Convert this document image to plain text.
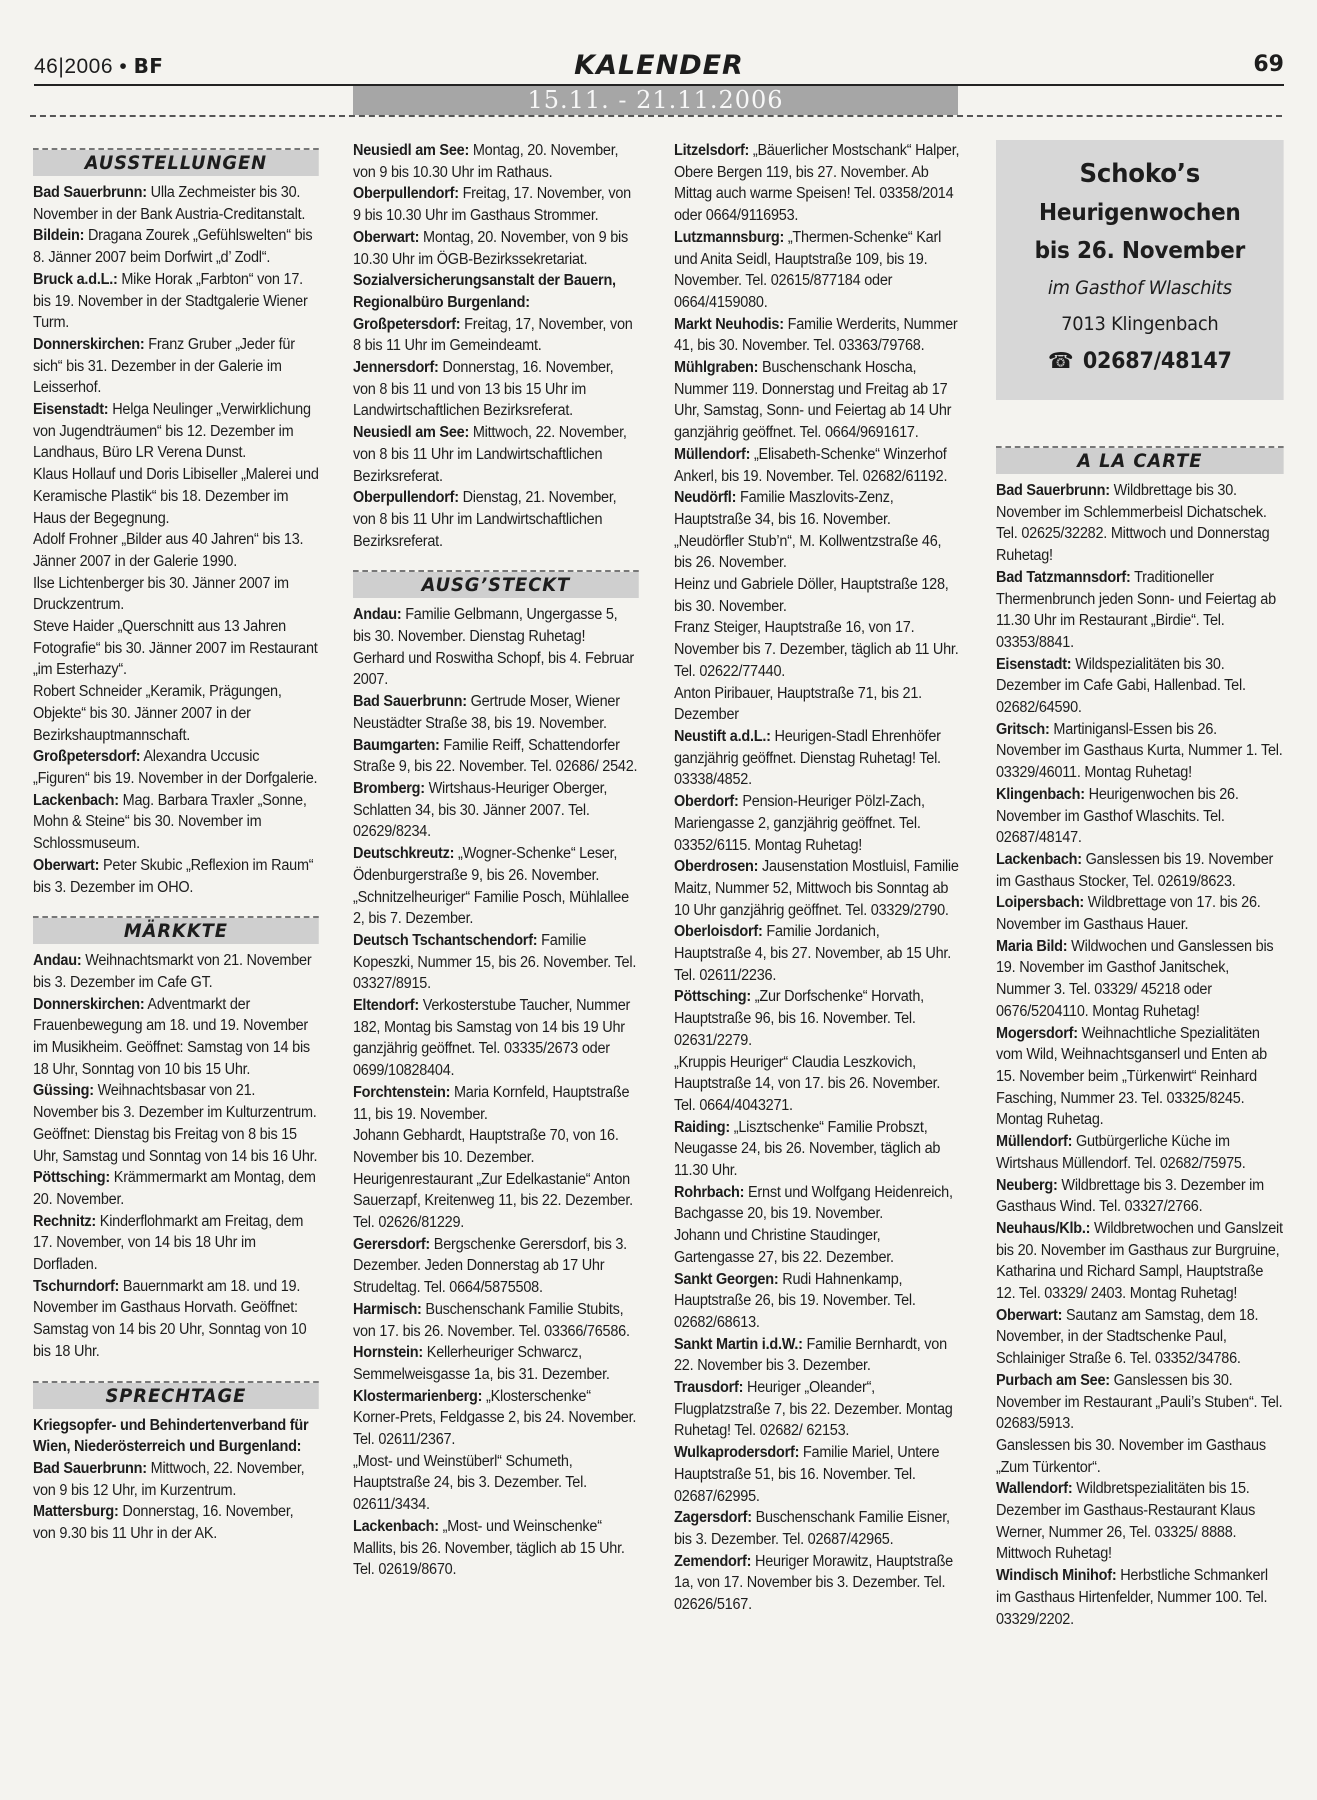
46|2006 • BF	KALENDER	69
15.11. - 21.11.2006
AUSSTELLUNGEN

Bad Sauerbrunn: Ulla Zechmeister bis 30. November in der Bank Austria-Creditanstalt.

Bildein: Dragana Zourek „Gefühlswelten“ bis 8. Jänner 2007 beim Dorfwirt „d’ Zodl“.

Bruck a.d.L.: Mike Horak „Farbton“ von 17. bis 19. November in der Stadtgalerie Wiener Turm.

Donnerskirchen: Franz Gruber „Jeder für sich“ bis 31. Dezember in der Galerie im Leisserhof.

Eisenstadt: Helga Neulinger „Verwirklichung von Jugendträumen“ bis 12. Dezember im Landhaus, Büro LR Verena Dunst.

Klaus Hollauf und Doris Libiseller „Malerei und Keramische Plastik“ bis 18. Dezember im Haus der Begegnung.

Adolf Frohner „Bilder aus 40 Jahren“ bis 13. Jänner 2007 in der Galerie 1990.

Ilse Lichtenberger bis 30. Jänner 2007 im Druckzentrum.

Steve Haider „Querschnitt aus 13 Jahren Fotografie“ bis 30. Jänner 2007 im Restaurant „im Esterhazy“.

Robert Schneider „Keramik, Prägungen, Objekte“ bis 30. Jänner 2007 in der Bezirkshauptmannschaft.

Großpetersdorf: Alexandra Uccusic „Figuren“ bis 19. November in der Dorfgalerie.

Lackenbach: Mag. Barbara Traxler „Sonne, Mohn & Steine“ bis 30. November im Schlossmuseum.

Oberwart: Peter Skubic „Reflexion im Raum“ bis 3. Dezember im OHO.

MÄRKKTE

Andau: Weihnachtsmarkt von 21. November bis 3. Dezember im Cafe GT.

Donnerskirchen: Adventmarkt der Frauenbewegung am 18. und 19. November im Musikheim. Geöffnet: Samstag von 14 bis 18 Uhr, Sonntag von 10 bis 15 Uhr.

Güssing: Weihnachtsbasar von 21. November bis 3. Dezember im Kulturzentrum. Geöffnet: Dienstag bis Freitag von 8 bis 15 Uhr, Samstag und Sonntag von 14 bis 16 Uhr.

Pöttsching: Krämmermarkt am Montag, dem 20. November.

Rechnitz: Kinderflohmarkt am Freitag, dem 17. November, von 14 bis 18 Uhr im Dorfladen.

Tschurndorf: Bauernmarkt am 18. und 19. November im Gasthaus Horvath. Geöffnet: Samstag von 14 bis 20 Uhr, Sonntag von 10 bis 18 Uhr.

SPRECHTAGE

Kriegsopfer- und Behindertenverband für Wien, Niederösterreich und Burgenland:

Bad Sauerbrunn: Mittwoch, 22. November, von 9 bis 12 Uhr, im Kurzentrum.

Mattersburg: Donnerstag, 16. November, von 9.30 bis 11 Uhr in der AK.

Neusiedl am See: Montag, 20. November, von 9 bis 10.30 Uhr im Rathaus.

Oberpullendorf: Freitag, 17. November, von 9 bis 10.30 Uhr im Gasthaus Strommer.

Oberwart: Montag, 20. November, von 9 bis 10.30 Uhr im ÖGB-Bezirkssekretariat.

Sozialversicherungsanstalt der Bauern, Regionalbüro Burgenland:

Großpetersdorf: Freitag, 17, November, von 8 bis 11 Uhr im Gemeindeamt.

Jennersdorf: Donnerstag, 16. November, von 8 bis 11 und von 13 bis 15 Uhr im Landwirtschaftlichen Bezirksreferat.

Neusiedl am See: Mittwoch, 22. November, von 8 bis 11 Uhr im Landwirtschaftlichen Bezirksreferat.

Oberpullendorf: Dienstag, 21. November, von 8 bis 11 Uhr im Landwirtschaftlichen Bezirksreferat.

AUSG’STECKT

Andau: Familie Gelbmann, Ungergasse 5, bis 30. November. Dienstag Ruhetag!

Gerhard und Roswitha Schopf, bis 4. Februar 2007.

Bad Sauerbrunn: Gertrude Moser, Wiener Neustädter Straße 38, bis 19. November.

Baumgarten: Familie Reiff, Schattendorfer Straße 9, bis 22. November. Tel. 02686/ 2542.

Bromberg: Wirtshaus-Heuriger Oberger, Schlatten 34, bis 30. Jänner 2007. Tel. 02629/8234.

Deutschkreutz: „Wogner-Schenke“ Leser, Ödenburgerstraße 9, bis 26. November.

„Schnitzelheuriger“ Familie Posch, Mühlallee 2, bis 7. Dezember.

Deutsch Tschantschendorf: Familie Kopeszki, Nummer 15, bis 26. November. Tel. 03327/8915.

Eltendorf: Verkosterstube Taucher, Nummer 182, Montag bis Samstag von 14 bis 19 Uhr ganzjährig geöffnet. Tel. 03335/2673 oder 0699/10828404.

Forchtenstein: Maria Kornfeld, Hauptstraße 11, bis 19. November.

Johann Gebhardt, Hauptstraße 70, von 16. November bis 10. Dezember.

Heurigenrestaurant „Zur Edelkastanie“ Anton Sauerzapf, Kreitenweg 11, bis 22. Dezember. Tel. 02626/81229.

Gerersdorf: Bergschenke Gerersdorf, bis 3. Dezember. Jeden Donnerstag ab 17 Uhr Strudeltag. Tel. 0664/5875508.

Harmisch: Buschenschank Familie Stubits, von 17. bis 26. November. Tel. 03366/76586.

Hornstein: Kellerheuriger Schwarcz, Semmelweisgasse 1a, bis 31. Dezember.

Klostermarienberg: „Klosterschenke“ Korner-Prets, Feldgasse 2, bis 24. November. Tel. 02611/2367.

„Most- und Weinstüberl“ Schumeth, Hauptstraße 24, bis 3. Dezember. Tel. 02611/3434.

Lackenbach: „Most- und Weinschenke“ Mallits, bis 26. November, täglich ab 15 Uhr. Tel. 02619/8670.

Litzelsdorf: „Bäuerlicher Mostschank“ Halper, Obere Bergen 119, bis 27. November. Ab Mittag auch warme Speisen! Tel. 03358/2014 oder 0664/9116953.

Lutzmannsburg: „Thermen-Schenke“ Karl und Anita Seidl, Hauptstraße 109, bis 19. November. Tel. 02615/877184 oder 0664/4159080.

Markt Neuhodis: Familie Werderits, Nummer 41, bis 30. November. Tel. 03363/79768.

Mühlgraben: Buschenschank Hoscha, Nummer 119. Donnerstag und Freitag ab 17 Uhr, Samstag, Sonn- und Feiertag ab 14 Uhr ganzjährig geöffnet. Tel. 0664/9691617.

Müllendorf: „Elisabeth-Schenke“ Winzerhof Ankerl, bis 19. November. Tel. 02682/61192.

Neudörfl: Familie Maszlovits-Zenz, Hauptstraße 34, bis 16. November.

„Neudörfler Stub’n“, M. Kollwentzstraße 46, bis 26. November.

Heinz und Gabriele Döller, Hauptstraße 128, bis 30. November.

Franz Steiger, Hauptstraße 16, von 17. November bis 7. Dezember, täglich ab 11 Uhr. Tel. 02622/77440.

Anton Piribauer, Hauptstraße 71, bis 21. Dezember

Neustift a.d.L.: Heurigen-Stadl Ehrenhöfer ganzjährig geöffnet. Dienstag Ruhetag! Tel. 03338/4852.

Oberdorf: Pension-Heuriger Pölzl-Zach, Mariengasse 2, ganzjährig geöffnet. Tel. 03352/6115. Montag Ruhetag!

Oberdrosen: Jausenstation Mostluisl, Familie Maitz, Nummer 52, Mittwoch bis Sonntag ab 10 Uhr ganzjährig geöffnet. Tel. 03329/2790.

Oberloisdorf: Familie Jordanich, Hauptstraße 4, bis 27. November, ab 15 Uhr. Tel. 02611/2236.

Pöttsching: „Zur Dorfschenke“ Horvath, Hauptstraße 96, bis 16. November. Tel. 02631/2279.

„Kruppis Heuriger“ Claudia Leszkovich, Hauptstraße 14, von 17. bis 26. November. Tel. 0664/4043271.

Raiding: „Lisztschenke“ Familie Probszt, Neugasse 24, bis 26. November, täglich ab 11.30 Uhr.

Rohrbach: Ernst und Wolfgang Heidenreich, Bachgasse 20, bis 19. November.

Johann und Christine Staudinger, Gartengasse 27, bis 22. Dezember.

Sankt Georgen: Rudi Hahnenkamp, Hauptstraße 26, bis 19. November. Tel. 02682/68613.

Sankt Martin i.d.W.: Familie Bernhardt, von 22. November bis 3. Dezember.

Trausdorf: Heuriger „Oleander“, Flugplatzstraße 7, bis 22. Dezember. Montag Ruhetag! Tel. 02682/ 62153.

Wulkaprodersdorf: Familie Mariel, Untere Hauptstraße 51, bis 16. November. Tel. 02687/62995.

Zagersdorf: Buschenschank Familie Eisner, bis 3. Dezember. Tel. 02687/42965.

Zemendorf: Heuriger Morawitz, Hauptstraße 1a, von 17. November bis 3. Dezember. Tel. 02626/5167.

Schoko’s
Heurigenwochen
bis 26. November
im Gasthof Wlaschits
7013 Klingenbach
☎ 02687/48147
A LA CARTE

Bad Sauerbrunn: Wildbrettage bis 30. November im Schlemmerbeisl Dichatschek. Tel. 02625/32282. Mittwoch und Donnerstag Ruhetag!

Bad Tatzmannsdorf: Traditioneller Thermenbrunch jeden Sonn- und Feiertag ab 11.30 Uhr im Restaurant „Birdie“. Tel. 03353/8841.

Eisenstadt: Wildspezialitäten bis 30. Dezember im Cafe Gabi, Hallenbad. Tel. 02682/64590.

Gritsch: Martinigansl-Essen bis 26. November im Gasthaus Kurta, Nummer 1. Tel. 03329/46011. Montag Ruhetag!

Klingenbach: Heurigenwochen bis 26. November im Gasthof Wlaschits. Tel. 02687/48147.

Lackenbach: Ganslessen bis 19. November im Gasthaus Stocker, Tel. 02619/8623.

Loipersbach: Wildbrettage von 17. bis 26. November im Gasthaus Hauer.

Maria Bild: Wildwochen und Ganslessen bis 19. November im Gasthof Janitschek, Nummer 3. Tel. 03329/ 45218 oder 0676/5204110. Montag Ruhetag!

Mogersdorf: Weihnachtliche Spezialitäten vom Wild, Weihnachtsganserl und Enten ab 15. November beim „Türkenwirt“ Reinhard Fasching, Nummer 23. Tel. 03325/8245. Montag Ruhetag.

Müllendorf: Gutbürgerliche Küche im Wirtshaus Müllendorf. Tel. 02682/75975.

Neuberg: Wildbrettage bis 3. Dezember im Gasthaus Wind. Tel. 03327/2766.

Neuhaus/Klb.: Wildbretwochen und Ganslzeit bis 20. November im Gasthaus zur Burgruine, Katharina und Richard Sampl, Hauptstraße 12. Tel. 03329/ 2403. Montag Ruhetag!

Oberwart: Sautanz am Samstag, dem 18. November, in der Stadtschenke Paul, Schlainiger Straße 6. Tel. 03352/34786.

Purbach am See: Ganslessen bis 30. November im Restaurant „Pauli’s Stuben“. Tel. 02683/5913.

Ganslessen bis 30. November im Gasthaus „Zum Türkentor“.

Wallendorf: Wildbretspezialitäten bis 15. Dezember im Gasthaus-Restaurant Klaus Werner, Nummer 26, Tel. 03325/ 8888. Mittwoch Ruhetag!

Windisch Minihof: Herbstliche Schmankerl im Gasthaus Hirtenfelder, Nummer 100. Tel. 03329/2202.
